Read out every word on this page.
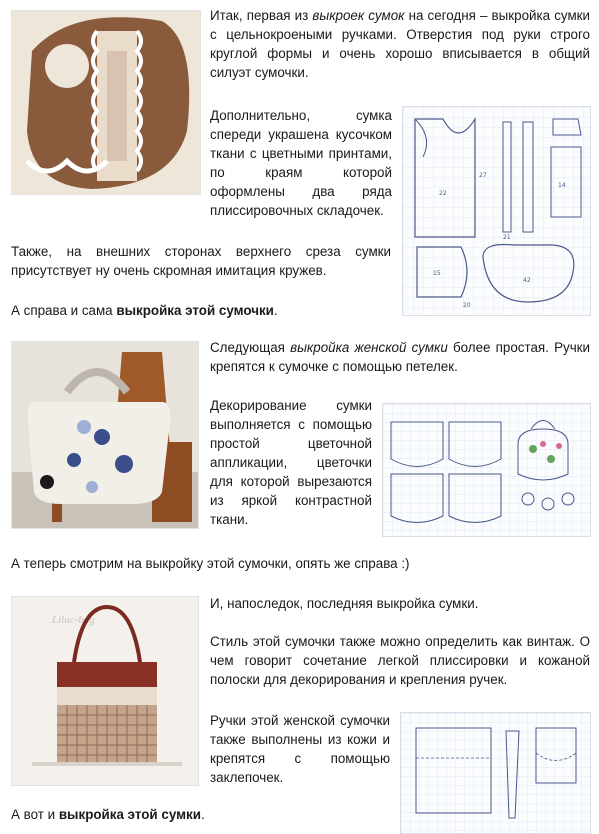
Итак, первая из выкроек сумок на сегодня – выкройка сумки с цельнокроеными ручками. Отверстия под руки строго круглой формы и очень хорошо вписывается в общий силуэт сумочки.

Дополнительно, сумка спереди украшена кусочком ткани с цветными принтами, по краям которой оформлены два ряда плиссировочных складочек.

Также, на внешних сторонах верхнего среза сумки присутствует ну очень скромная имитация кружев.

А справа и сама выкройка этой сумочки.

22
27
14
15
42
21
20

Следующая выкройка женской сумки более простая. Ручки крепятся к сумочке с помощью петелек.

Декорирование сумки выполняется с помощью простой цветочной аппликации, цветочки для которой вырезаются из яркой контрастной ткани.

А теперь смотрим на выкройку этой сумочки, опять же справа :)

Lilac-bag

И, напоследок, последняя выкройка сумки.

Стиль этой сумочки также можно определить как винтаж. О чем говорит сочетание легкой плиссировки и кожаной полоски для декорирования и крепления ручек.

Ручки этой женской сумочки также выполнены из кожи и крепятся с помощью заклепочек.

А вот и выкройка этой сумки.
